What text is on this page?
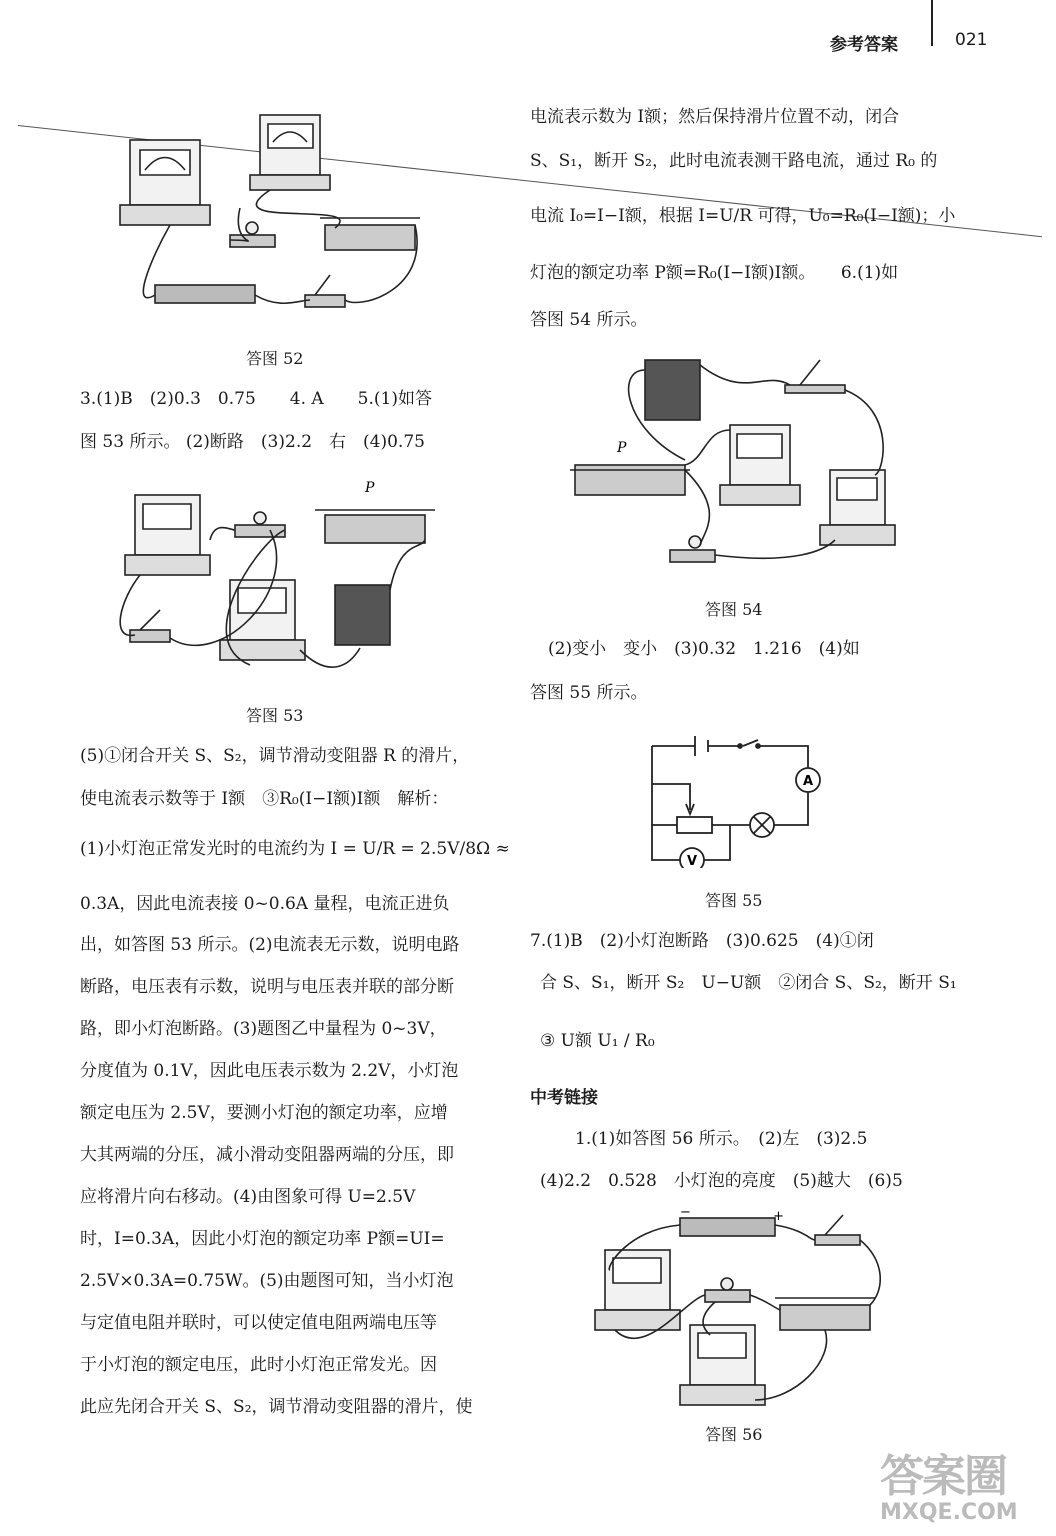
参考答案	021
答图 52
3.(1)B　(2)0.3　0.75　　4. A　　5.(1)如答
图 53 所示。 (2)断路　(3)2.2　右　(4)0.75
P
答图 53
(5)①闭合开关 S、S₂，调节滑动变阻器 R 的滑片，
使电流表示数等于 I额　③R₀(I−I额)I额　解析：
(1)小灯泡正常发光时的电流约为 I = U/R = 2.5V/8Ω ≈
0.3A，因此电流表接 0~0.6A 量程，电流正进负
出，如答图 53 所示。(2)电流表无示数，说明电路
断路，电压表有示数，说明与电压表并联的部分断
路，即小灯泡断路。(3)题图乙中量程为 0~3V，
分度值为 0.1V，因此电压表示数为 2.2V，小灯泡
额定电压为 2.5V，要测小灯泡的额定功率，应增
大其两端的分压，减小滑动变阻器两端的分压，即
应将滑片向右移动。(4)由图象可得 U=2.5V
时，I=0.3A，因此小灯泡的额定功率 P额=UI=
2.5V×0.3A=0.75W。(5)由题图可知，当小灯泡
与定值电阻并联时，可以使定值电阻两端电压等
于小灯泡的额定电压，此时小灯泡正常发光。因
此应先闭合开关 S、S₂，调节滑动变阻器的滑片，使
电流表示数为 I额；然后保持滑片位置不动，闭合
S、S₁，断开 S₂，此时电流表测干路电流，通过 R₀ 的
电流 I₀=I−I额，根据 I=U/R 可得，U₀=R₀(I−I额)；小
灯泡的额定功率 P额=R₀(I−I额)I额。　　6.(1)如
答图 54 所示。
P
答图 54
(2)变小　变小　(3)0.32　1.216　(4)如
答图 55 所示。
A
V
答图 55
7.(1)B　(2)小灯泡断路　(3)0.625　(4)①闭
合 S、S₁，断开 S₂　U−U额　②闭合 S、S₂，断开 S₁
③ U额 U₁ / R₀
中考链接
1.(1)如答图 56 所示。　(2)左　(3)2.5
(4)2.2　0.528　小灯泡的亮度　(5)越大　(6)5
−	+
答图 56
答案圈
MXQE.COM
